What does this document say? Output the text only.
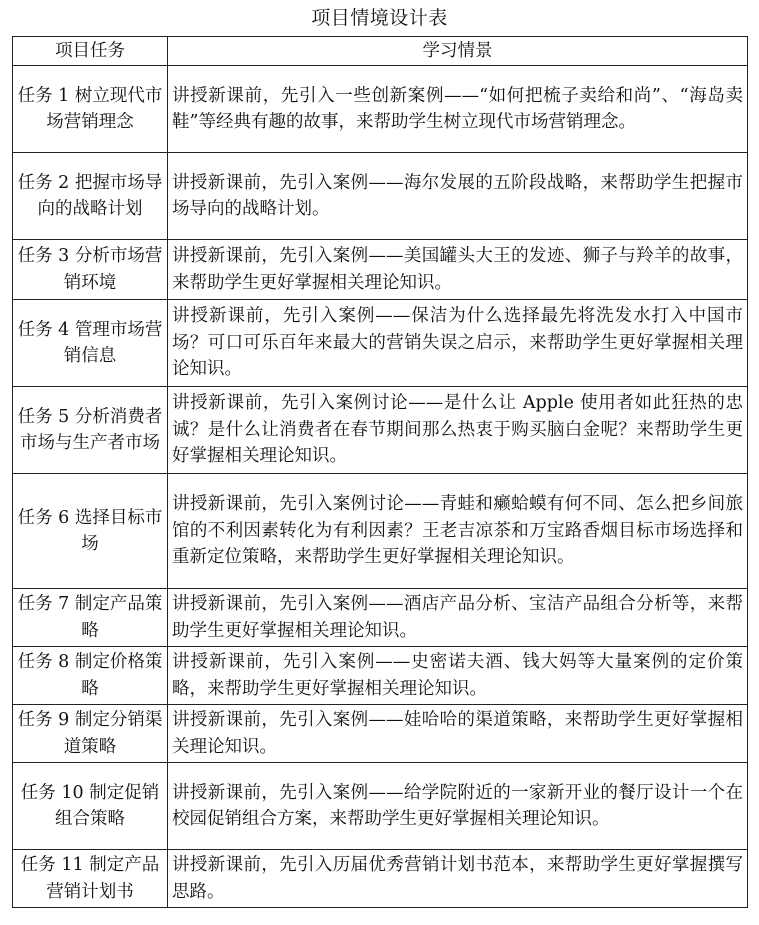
项目情境设计表
项目任务	学习情景
任务 1 树立现代市场营销理念	讲授新课前，先引入一些创新案例——“如何把梳子卖给和尚”、“海岛卖鞋”等经典有趣的故事，来帮助学生树立现代市场营销理念。
任务 2 把握市场导向的战略计划	讲授新课前，先引入案例——海尔发展的五阶段战略，来帮助学生把握市场导向的战略计划。
任务 3 分析市场营销环境	讲授新课前，先引入案例——美国罐头大王的发迹、狮子与羚羊的故事，来帮助学生更好掌握相关理论知识。
任务 4 管理市场营销信息	讲授新课前，先引入案例——保洁为什么选择最先将洗发水打入中国市场？可口可乐百年来最大的营销失误之启示，来帮助学生更好掌握相关理论知识。
任务 5 分析消费者市场与生产者市场	讲授新课前，先引入案例讨论——是什么让 Apple 使用者如此狂热的忠诚？是什么让消费者在春节期间那么热衷于购买脑白金呢？来帮助学生更好掌握相关理论知识。
任务 6 选择目标市场	讲授新课前，先引入案例讨论——青蛙和癞蛤蟆有何不同、怎么把乡间旅馆的不利因素转化为有利因素？王老吉凉茶和万宝路香烟目标市场选择和重新定位策略，来帮助学生更好掌握相关理论知识。
任务 7 制定产品策略	讲授新课前，先引入案例——酒店产品分析、宝洁产品组合分析等，来帮助学生更好掌握相关理论知识。
任务 8 制定价格策略	讲授新课前，先引入案例——史密诺夫酒、钱大妈等大量案例的定价策略，来帮助学生更好掌握相关理论知识。
任务 9 制定分销渠道策略	讲授新课前，先引入案例——娃哈哈的渠道策略，来帮助学生更好掌握相关理论知识。
任务 10 制定促销组合策略	讲授新课前，先引入案例——给学院附近的一家新开业的餐厅设计一个在校园促销组合方案，来帮助学生更好掌握相关理论知识。
任务 11 制定产品营销计划书	讲授新课前，先引入历届优秀营销计划书范本，来帮助学生更好掌握撰写思路。
